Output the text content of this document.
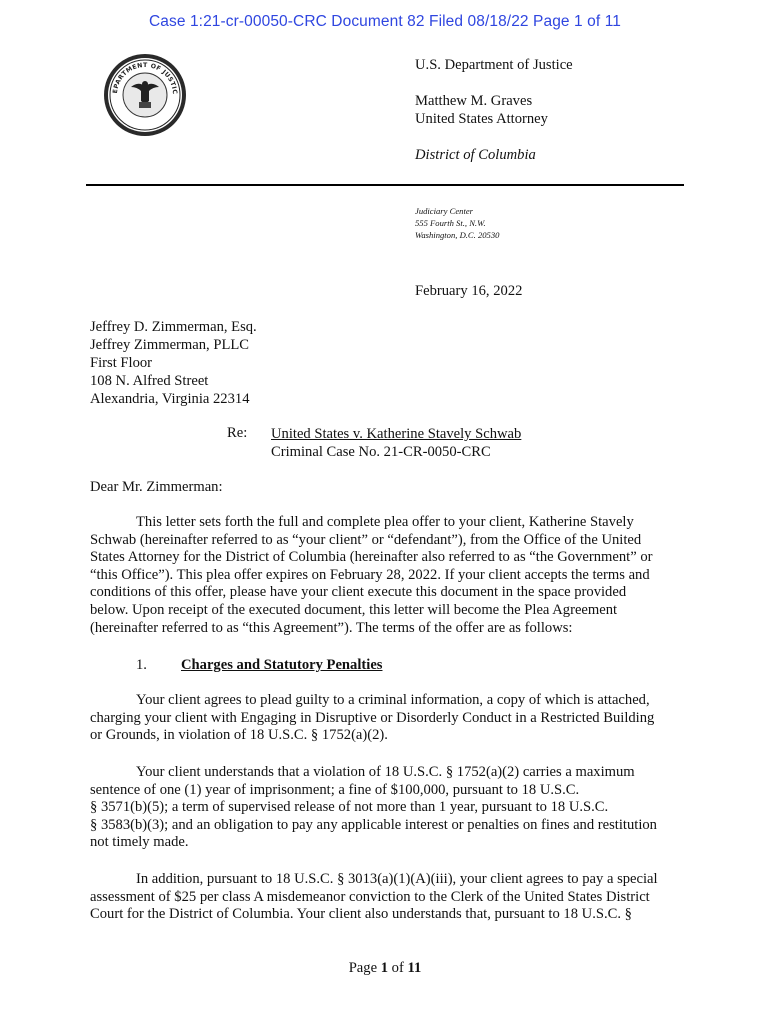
Case 1:21-cr-00050-CRC Document 82 Filed 08/18/22 Page 1 of 11
EPARTMENT OF JUSTIC
U.S. Department of Justice
Matthew M. Graves
United States Attorney
District of Columbia
Judiciary Center
555 Fourth St., N.W.
Washington, D.C. 20530
February 16, 2022
Jeffrey D. Zimmerman, Esq.
Jeffrey Zimmerman, PLLC
First Floor
108 N. Alfred Street
Alexandria, Virginia 22314
Re: United States v. Katherine Stavely Schwab
Criminal Case No. 21-CR-0050-CRC
Dear Mr. Zimmerman:
This letter sets forth the full and complete plea offer to your client, Katherine Stavely
Schwab (hereinafter referred to as “your client” or “defendant”), from the Office of the United
States Attorney for the District of Columbia (hereinafter also referred to as “the Government” or
“this Office”). This plea offer expires on February 28, 2022. If your client accepts the terms and
conditions of this offer, please have your client execute this document in the space provided
below. Upon receipt of the executed document, this letter will become the Plea Agreement
(hereinafter referred to as “this Agreement”). The terms of the offer are as follows:
1. Charges and Statutory Penalties
Your client agrees to plead guilty to a criminal information, a copy of which is attached,
charging your client with Engaging in Disruptive or Disorderly Conduct in a Restricted Building
or Grounds, in violation of 18 U.S.C. § 1752(a)(2).
Your client understands that a violation of 18 U.S.C. § 1752(a)(2) carries a maximum
sentence of one (1) year of imprisonment; a fine of $100,000, pursuant to 18 U.S.C.
§ 3571(b)(5); a term of supervised release of not more than 1 year, pursuant to 18 U.S.C.
§ 3583(b)(3); and an obligation to pay any applicable interest or penalties on fines and restitution
not timely made.
In addition, pursuant to 18 U.S.C. § 3013(a)(1)(A)(iii), your client agrees to pay a special
assessment of $25 per class A misdemeanor conviction to the Clerk of the United States District
Court for the District of Columbia. Your client also understands that, pursuant to 18 U.S.C. §
Page 1 of 11
